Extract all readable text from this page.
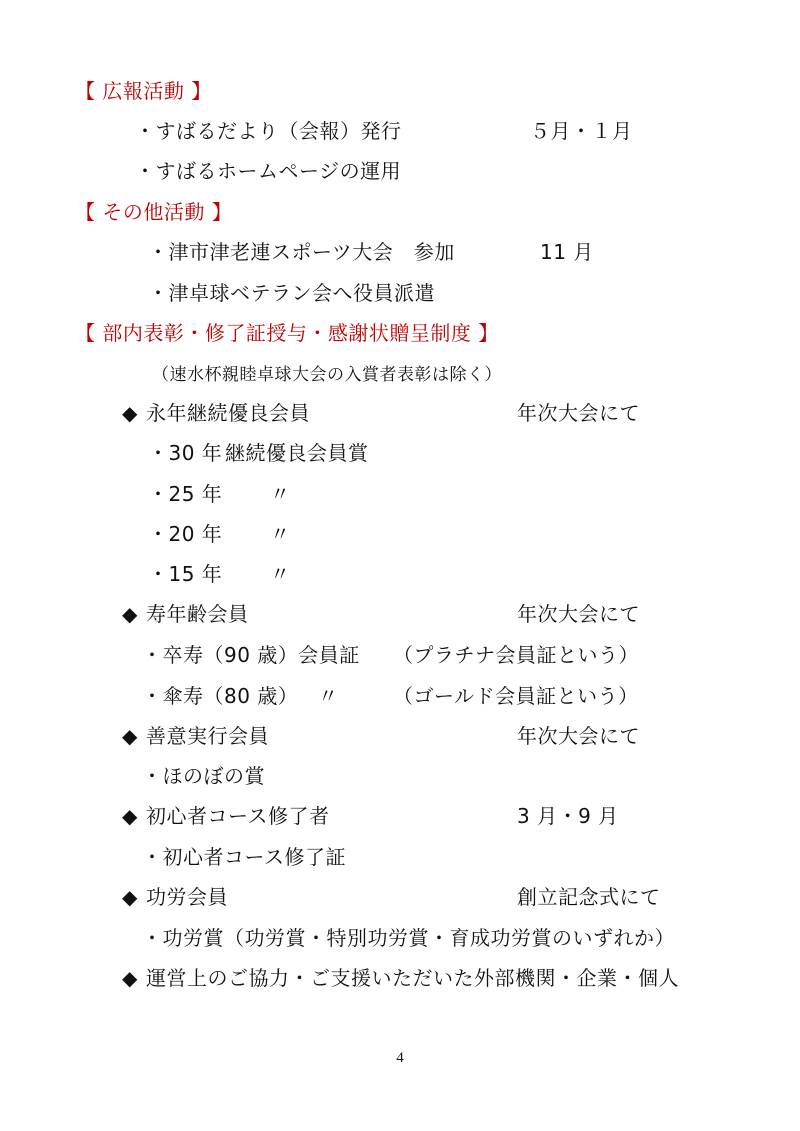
【 広報活動 】
・すばるだより（会報）発行	５月・１月
・すばるホームページの運用
【 その他活動 】
・津市津老連スポーツ大会　参加	11 月
・津卓球ベテラン会へ役員派遣
【 部内表彰・修了証授与・感謝状贈呈制度 】
（速水杯親睦卓球大会の入賞者表彰は除く）
◆ 永年継続優良会員	年次大会にて
・30 年 継続優良会員賞
・25 年 〃
・20 年 〃
・15 年 〃
◆ 寿年齢会員	年次大会にて
・卒寿（90 歳）会員証 （プラチナ会員証という）
・傘寿（80 歳） 〃	（ゴールド会員証という）
◆ 善意実行会員	年次大会にて
・ほのぼの賞
◆ 初心者コース修了者	3 月・9 月
・初心者コース修了証
◆ 功労会員	創立記念式にて
・功労賞（功労賞・特別功労賞・育成功労賞のいずれか）
◆ 運営上のご協力・ご支援いただいた外部機関・企業・個人
4
